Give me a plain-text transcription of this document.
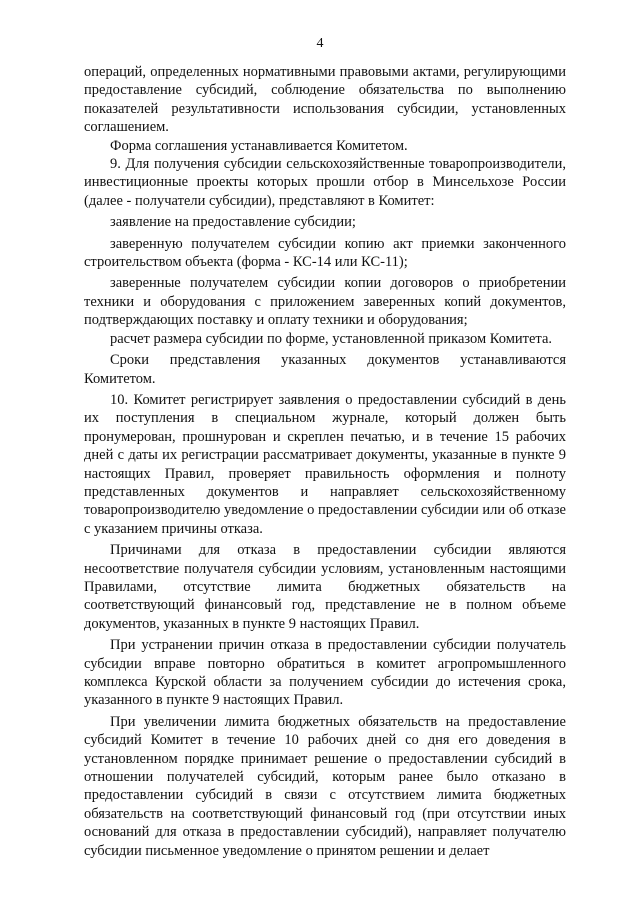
4

операций, определенных нормативными правовыми актами, регулирующими предоставление субсидий, соблюдение обязательства по выполнению показателей результативности использования субсидии, установленных соглашением.

Форма соглашения устанавливается Комитетом.

9. Для получения субсидии сельскохозяйственные товаропроизводители, инвестиционные проекты которых прошли отбор в Минсельхозе России (далее - получатели субсидии), представляют в Комитет:

заявление на предоставление субсидии;

заверенную получателем субсидии копию акт приемки законченного строительством объекта (форма - КС-14 или КС-11);

заверенные получателем субсидии копии договоров о приобретении техники и оборудования с приложением заверенных копий документов, подтверждающих поставку и оплату техники и оборудования;

расчет размера субсидии по форме, установленной приказом Комитета.

Сроки представления указанных документов устанавливаются Комитетом.

10. Комитет регистрирует заявления о предоставлении субсидий в день их поступления в специальном журнале, который должен быть пронумерован, прошнурован и скреплен печатью, и в течение 15 рабочих дней с даты их регистрации рассматривает документы, указанные в пункте 9 настоящих Правил, проверяет правильность оформления и полноту представленных документов и направляет сельскохозяйственному товаропроизводителю уведомление о предоставлении субсидии или об отказе с указанием причины отказа.

Причинами для отказа в предоставлении субсидии являются несоответствие получателя субсидии условиям, установленным настоящими Правилами, отсутствие лимита бюджетных обязательств на соответствующий финансовый год, представление не в полном объеме документов, указанных в пункте 9 настоящих Правил.

При устранении причин отказа в предоставлении субсидии получатель субсидии вправе повторно обратиться в комитет агропромышленного комплекса Курской области за получением субсидии до истечения срока, указанного в пункте 9 настоящих Правил.

При увеличении лимита бюджетных обязательств на предоставление субсидий Комитет в течение 10 рабочих дней со дня его доведения в установленном порядке принимает решение о предоставлении субсидий в отношении получателей субсидий, которым ранее было отказано в предоставлении субсидий в связи с отсутствием лимита бюджетных обязательств на соответствующий финансовый год (при отсутствии иных оснований для отказа в предоставлении субсидий), направляет получателю субсидии письменное уведомление о принятом решении и делает
